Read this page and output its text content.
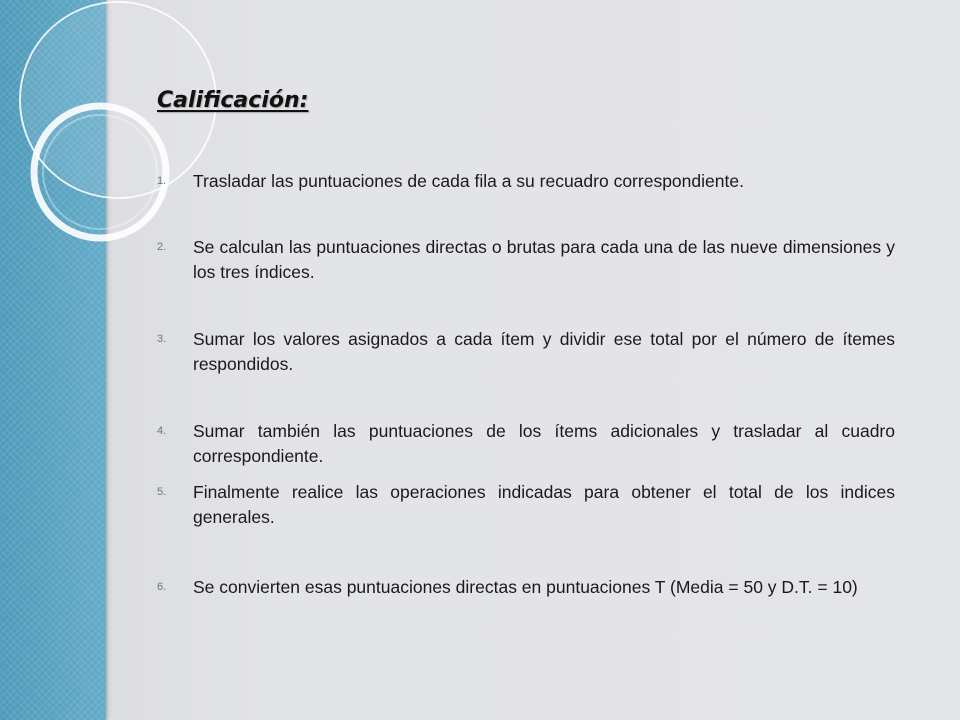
Calificación:
1. Trasladar las puntuaciones de cada fila a su recuadro correspondiente.
2. Se calculan las puntuaciones directas o brutas para cada una de las nueve dimensiones y los tres índices.
3. Sumar los valores asignados a cada ítem y dividir ese total por el número de ítemes respondidos.
4. Sumar también las puntuaciones de los ítems adicionales y trasladar al cuadro correspondiente.
5. Finalmente realice las operaciones indicadas para obtener el total de los indices generales.
6. Se convierten esas puntuaciones directas en puntuaciones T (Media = 50 y D.T. = 10)
